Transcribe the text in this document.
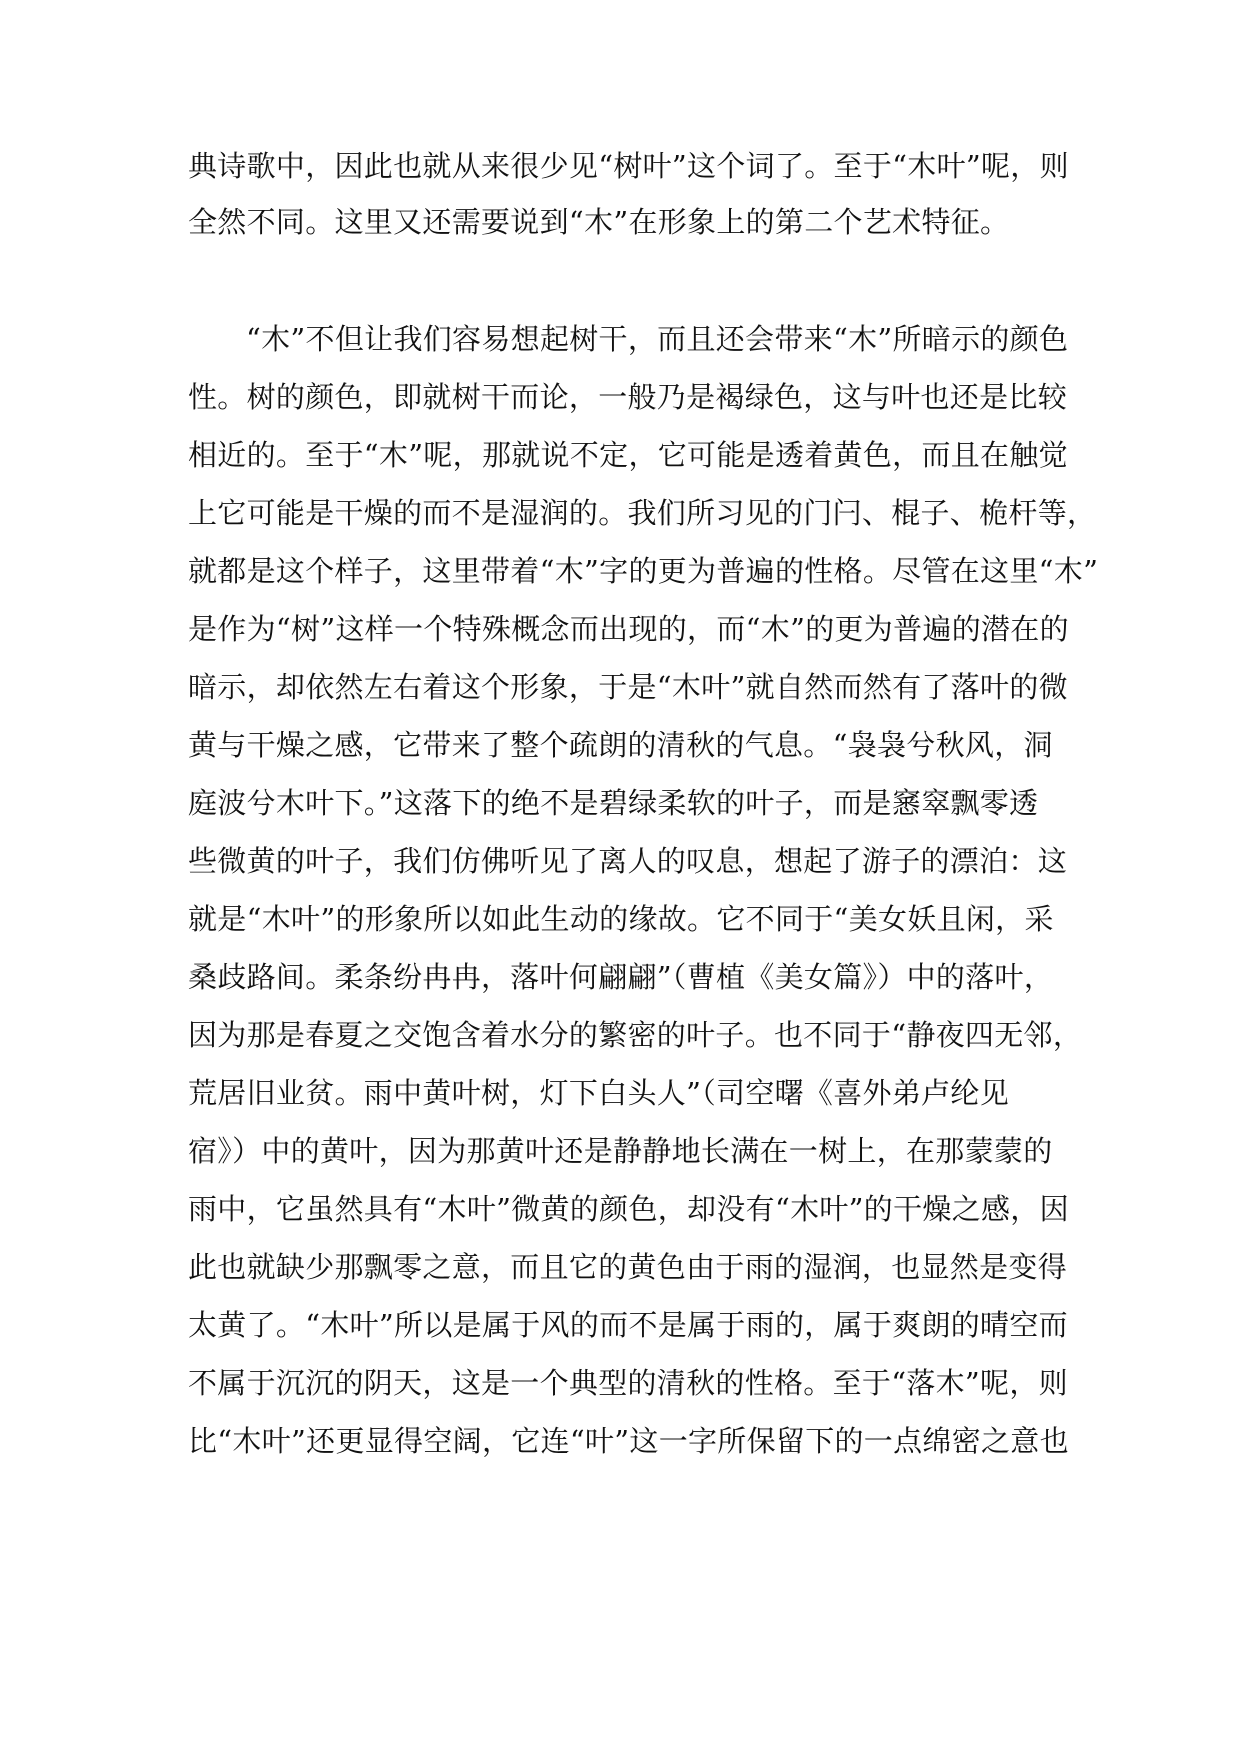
典诗歌中，因此也就从来很少见“树叶”这个词了。至于“木叶”呢，则
全然不同。这里又还需要说到“木”在形象上的第二个艺术特征。
“木”不但让我们容易想起树干，而且还会带来“木”所暗示的颜色
性。树的颜色，即就树干而论，一般乃是褐绿色，这与叶也还是比较
相近的。至于“木”呢，那就说不定，它可能是透着黄色，而且在触觉
上它可能是干燥的而不是湿润的。我们所习见的门闩、棍子、桅杆等，
就都是这个样子，这里带着“木”字的更为普遍的性格。尽管在这里“木”
是作为“树”这样一个特殊概念而出现的，而“木”的更为普遍的潜在的
暗示，却依然左右着这个形象，于是“木叶”就自然而然有了落叶的微
黄与干燥之感，它带来了整个疏朗的清秋的气息。“袅袅兮秋风，洞
庭波兮木叶下。”这落下的绝不是碧绿柔软的叶子，而是窸窣飘零透
些微黄的叶子，我们仿佛听见了离人的叹息，想起了游子的漂泊：这
就是“木叶”的形象所以如此生动的缘故。它不同于“美女妖且闲，采
桑歧路间。柔条纷冉冉，落叶何翩翩”（曹植《美女篇》）中的落叶，
因为那是春夏之交饱含着水分的繁密的叶子。也不同于“静夜四无邻，
荒居旧业贫。雨中黄叶树，灯下白头人”（司空曙《喜外弟卢纶见
宿》）中的黄叶，因为那黄叶还是静静地长满在一树上，在那蒙蒙的
雨中，它虽然具有“木叶”微黄的颜色，却没有“木叶”的干燥之感，因
此也就缺少那飘零之意，而且它的黄色由于雨的湿润，也显然是变得
太黄了。“木叶”所以是属于风的而不是属于雨的，属于爽朗的晴空而
不属于沉沉的阴天，这是一个典型的清秋的性格。至于“落木”呢，则
比“木叶”还更显得空阔，它连“叶”这一字所保留下的一点绵密之意也
